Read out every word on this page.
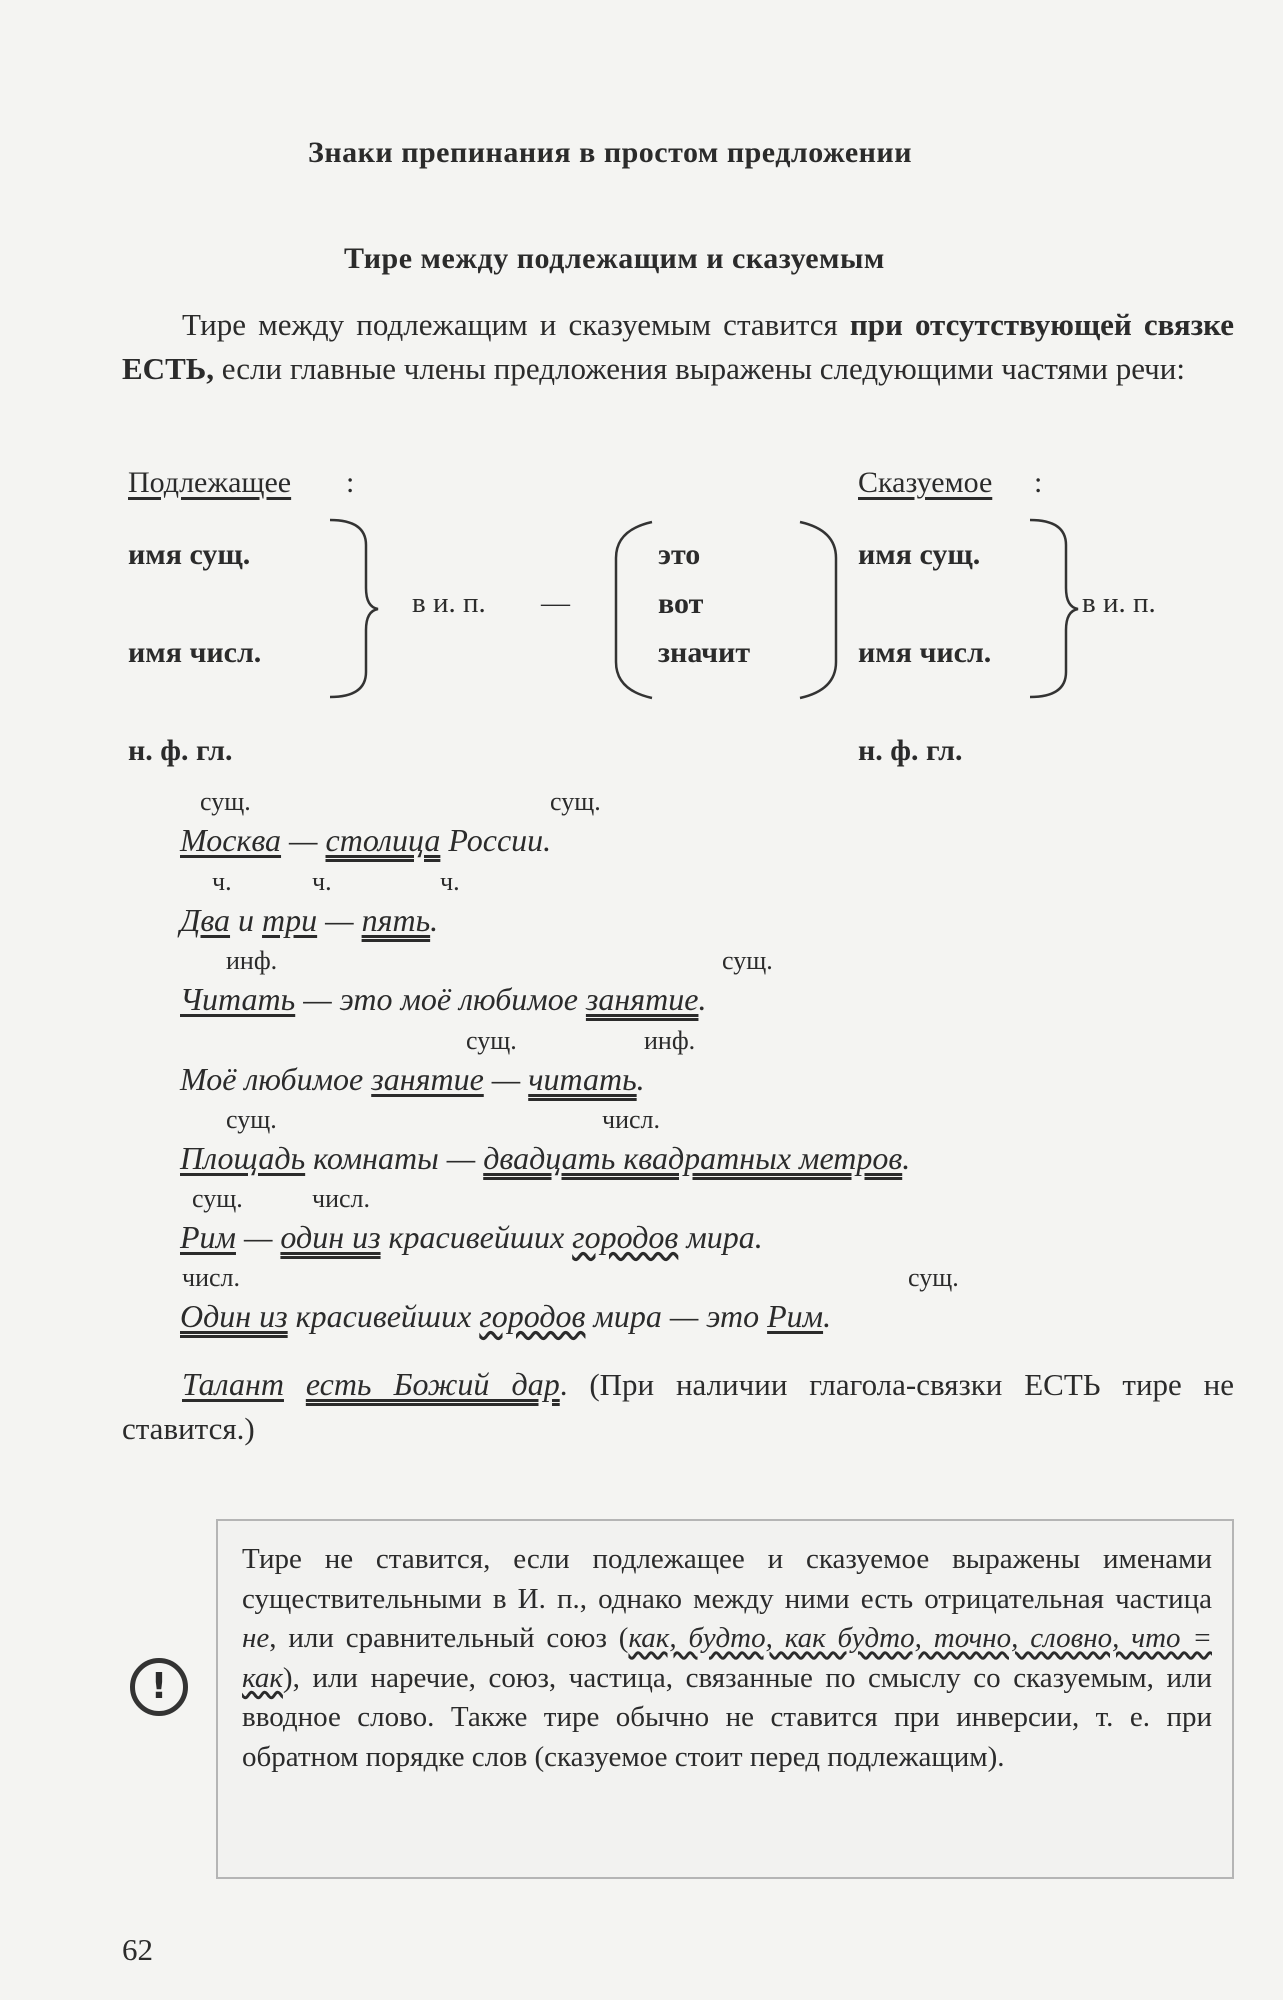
Знаки препинания в простом предложении
Тире между подлежащим и сказуемым
Тире между подлежащим и сказуемым ставится при отсутствующей связке ЕСТЬ, если главные члены предложения выражены следующими частями речи:
Подлежащее :	Сказуемое :
имя сущ.
имя числ.
н. ф. гл.
в и. п. —
это
вот
значит
имя сущ.
имя числ.
н. ф. гл.
в и. п.
сущ.	сущ.
Москва — столица России.
ч.	ч.	ч.
Два и три — пять.
инф.	сущ.
Читать — это моё любимое занятие.
сущ.	инф.
Моё любимое занятие — читать.
сущ.	числ.
Площадь комнаты — двадцать квадратных метров.
сущ.	числ.
Рим — один из красивейших городов мира.
числ.	сущ.
Один из красивейших городов мира — это Рим.
Талант есть Божий дар. (При наличии глагола-связки ЕСТЬ тире не ставится.)
!
Тире не ставится, если подлежащее и сказуемое выражены именами существительными в И. п., однако между ними есть отрицательная частица не, или сравнительный союз (как, будто, как будто, точно, словно, что = как), или наречие, союз, частица, связанные по смыслу со сказуемым, или вводное слово. Также тире обычно не ставится при инверсии, т. е. при обратном порядке слов (сказуемое стоит перед подлежащим).
62
